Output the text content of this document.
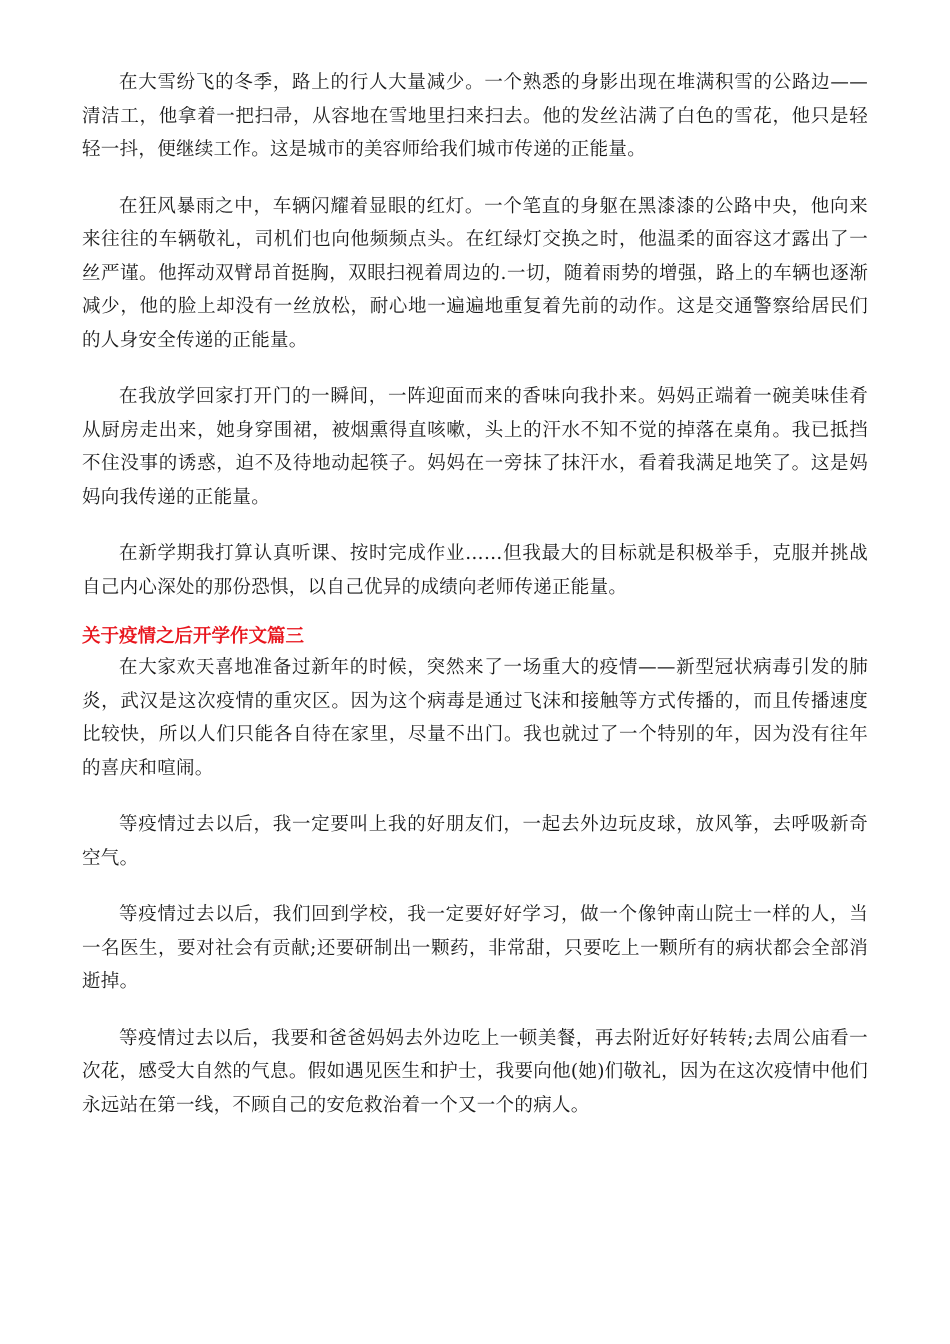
在大雪纷飞的冬季，路上的行人大量减少。一个熟悉的身影出现在堆满积雪的公路边——清洁工，他拿着一把扫帚，从容地在雪地里扫来扫去。他的发丝沾满了白色的雪花，他只是轻轻一抖，便继续工作。这是城市的美容师给我们城市传递的正能量。

在狂风暴雨之中，车辆闪耀着显眼的红灯。一个笔直的身躯在黑漆漆的公路中央，他向来来往往的车辆敬礼，司机们也向他频频点头。在红绿灯交换之时，他温柔的面容这才露出了一丝严谨。他挥动双臂昂首挺胸，双眼扫视着周边的.一切，随着雨势的增强，路上的车辆也逐渐减少，他的脸上却没有一丝放松，耐心地一遍遍地重复着先前的动作。这是交通警察给居民们的人身安全传递的正能量。

在我放学回家打开门的一瞬间，一阵迎面而来的香味向我扑来。妈妈正端着一碗美味佳肴从厨房走出来，她身穿围裙，被烟熏得直咳嗽，头上的汗水不知不觉的掉落在桌角。我已抵挡不住没事的诱惑，迫不及待地动起筷子。妈妈在一旁抹了抹汗水，看着我满足地笑了。这是妈妈向我传递的正能量。

在新学期我打算认真听课、按时完成作业……但我最大的目标就是积极举手，克服并挑战自己内心深处的那份恐惧，以自己优异的成绩向老师传递正能量。

关于疫情之后开学作文篇三

在大家欢天喜地准备过新年的时候，突然来了一场重大的疫情——新型冠状病毒引发的肺炎，武汉是这次疫情的重灾区。因为这个病毒是通过飞沫和接触等方式传播的，而且传播速度比较快，所以人们只能各自待在家里，尽量不出门。我也就过了一个特别的年，因为没有往年的喜庆和喧闹。

等疫情过去以后，我一定要叫上我的好朋友们，一起去外边玩皮球，放风筝，去呼吸新奇空气。

等疫情过去以后，我们回到学校，我一定要好好学习，做一个像钟南山院士一样的人，当一名医生，要对社会有贡献;还要研制出一颗药，非常甜，只要吃上一颗所有的病状都会全部消逝掉。

等疫情过去以后，我要和爸爸妈妈去外边吃上一顿美餐，再去附近好好转转;去周公庙看一次花，感受大自然的气息。假如遇见医生和护士，我要向他(她)们敬礼，因为在这次疫情中他们永远站在第一线，不顾自己的安危救治着一个又一个的病人。
